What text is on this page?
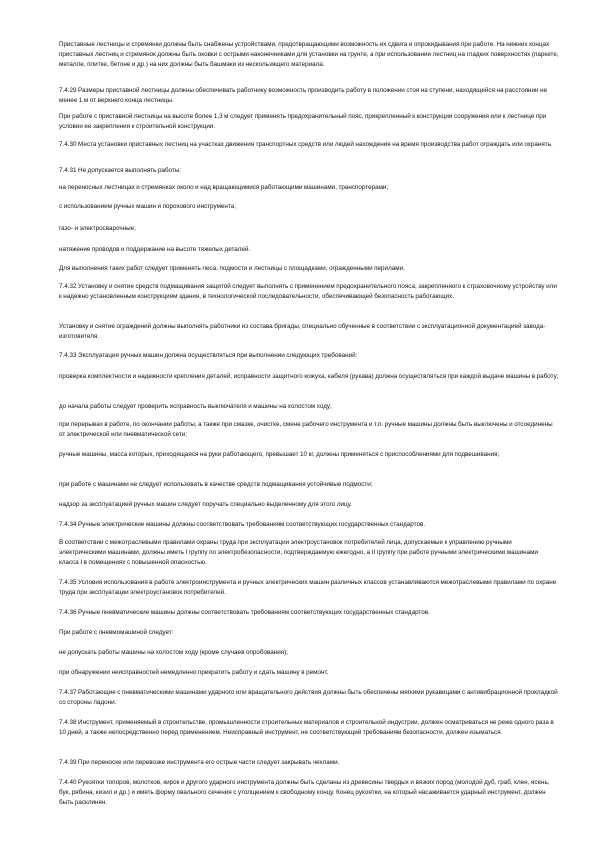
Приставные лестницы и стремянки должны быть снабжены устройствами, предотвращающими возможность их сдвига и опрокидывания при работе. На нижних концах приставных лестниц и стремянок должны быть оковки с острыми наконечниками для установки на грунте, а при использовании лестниц на гладких поверхностях (паркете, металле, плитке, бетоне и др.) на них должны быть башмаки из нескользящего материала.

7.4.29 Размеры приставной лестницы должны обеспечивать работнику возможность производить работу в положении стоя на ступени, находящейся на расстоянии не менее 1 м от верхнего конца лестницы.

При работе с приставной лестницы на высоте более 1,3 м следует применять предохранительный пояс, прикрепленный к конструкции сооружения или к лестнице при условии ее закрепления к строительной конструкции.

7.4.30 Места установки приставных лестниц на участках движения транспортных средств или людей нахождения на время производства работ ограждать или охранять.

7.4.31 Не допускается выполнять работы:

на переносных лестницах и стремянках около и над вращающимися работающими машинами, транспортерами;

с использованием ручных машин и порохового инструмента;

газо- и электросварочные;

натяжение проводов и поддержание на высоте тяжелых деталей.

Для выполнения таких работ следует применять леса, подмости и лестницы с площадками, огражденными перилами.

7.4.32 Установку и снятие средств подмащивания защитой следует выполнять с применением предохранительного пояса, закрепленного к страховочному устройству или к надежно установленным конструкциям здания, в технологической последовательности, обеспечивающей безопасность работающих.

Установку и снятие ограждений должны выполнять работники из состава бригады, специально обученные в соответствии с эксплуатационной документацией завода-изготовителя.

7.4.33 Эксплуатация ручных машин должна осуществляться при выполнении следующих требований:

проверка комплектности и надежности крепления деталей, исправности защитного кожуха, кабеля (рукава) должна осуществляться при каждой выдаче машины в работу;

до начала работы следует проверить исправность выключателя и машины на холостом ходу;

при перерывах в работе, по окончании работы, а также при смазке, очистке, смене рабочего инструмента и т.п. ручные машины должны быть выключены и отсоединены от электрической или пневматической сети;

ручные машины, масса которых, приходящаяся на руки работающего, превышает 10 кг, должны применяться с приспособлениями для подвешивания;

при работе с машинами не следует использовать в качестве средств подмащивания устойчивые подмости;

надзор за эксплуатацией ручных машин следует поручать специально выделенному для этого лицу.

7.4.34 Ручные электрические машины должны соответствовать требованиям соответствующих государственных стандартов.

В соответствии с межотраслевыми правилами охраны труда при эксплуатации электроустановок потребителей лица, допускаемые к управлению ручными электрическими машинами, должны иметь I группу по электробезопасности, подтверждаемую ежегодно, а II группу при работе ручными электрическими машинами класса I в помещениях с повышенной опасностью.

7.4.35 Условия использования в работе электроинструмента и ручных электрических машин различных классов устанавливаются межотраслевыми правилами по охране труда при эксплуатации электроустановок потребителей.

7.4.36 Ручные пневматические машины должны соответствовать требованиям соответствующих государственных стандартов.

При работе с пневмомашиной следует:

не допускать работы машины на холостом ходу (кроме случаев опробования);

при обнаружении неисправностей немедленно прекратить работу и сдать машину в ремонт.

7.4.37 Работающие с пневматическими машинами ударного или вращательного действия должны быть обеспечены мягкими рукавицами с антивибрационной прокладкой со стороны ладони.

7.4.38 Инструмент, применяемый в строительстве, промышленности строительных материалов и строительной индустрии, должен осматриваться не реже одного раза в 10 дней, а также непосредственно перед применением. Неисправный инструмент, не соответствующий требованиям безопасности, должен изыматься.

7.4.39 При переноске или перевозке инструмента его острые части следует закрывать чехлами.

7.4.40 Рукоятки топоров, молотков, кирок и другого ударного инструмента должны быть сделаны из древесины твердых и вязких пород (молодой дуб, граб, клен, ясень, бук, рябина, кизил и др.) и иметь форму овального сечения с утолщением к свободному концу. Конец рукоятки, на который насаживается ударный инструмент, должен быть расклинен.
